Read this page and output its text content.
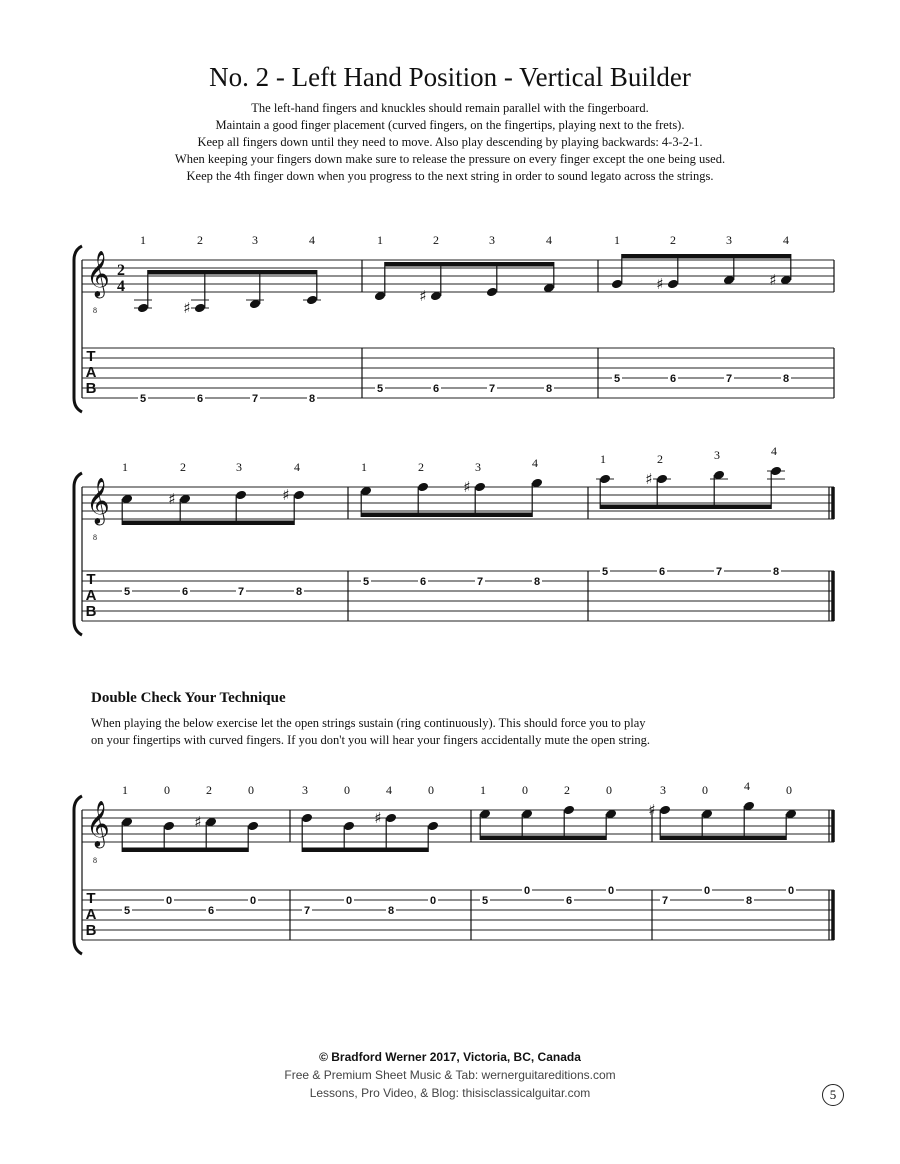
No. 2 - Left Hand Position - Vertical Builder
The left-hand fingers and knuckles should remain parallel with the fingerboard.
Maintain a good finger placement (curved fingers, on the fingertips, playing next to the frets).
Keep all fingers down until they need to move. Also play descending by playing backwards: 4-3-2-1.
When keeping your fingers down make sure to release the pressure on every finger except the one being used.
Keep the 4th finger down when you progress to the next string in order to sound legato across the strings.
𝄞
8
2
4
T
A
B
♯
1	2	3	4
5	6	7	8
♯
1	2	3	4
5	6	7	8
♯	♯
1	2	3	4
5	6	7	8
𝄞
8
T
A
B
♯	♯
1	2	3	4
5	6	7	8
♯
1	2	3	4
5	6	7	8
♯
1	2	3	4
5	6	7	8
𝄞
8
T
A
B
♯
1	0	2	0
5
0
6
0
♯
3	0	4	0
7
0
8
0
1	0	2	0
5
0
6
0
♯
3	0	4	0
7
0
8
0
Double Check Your Technique
When playing the below exercise let the open strings sustain (ring continuously). This should force you to play
on your fingertips with curved fingers. If you don't you will hear your fingers accidentally mute the open string.
© Bradford Werner 2017, Victoria, BC, Canada
Free & Premium Sheet Music & Tab: wernerguitareditions.com
Lessons, Pro Video, & Blog: thisisclassicalguitar.com	5
